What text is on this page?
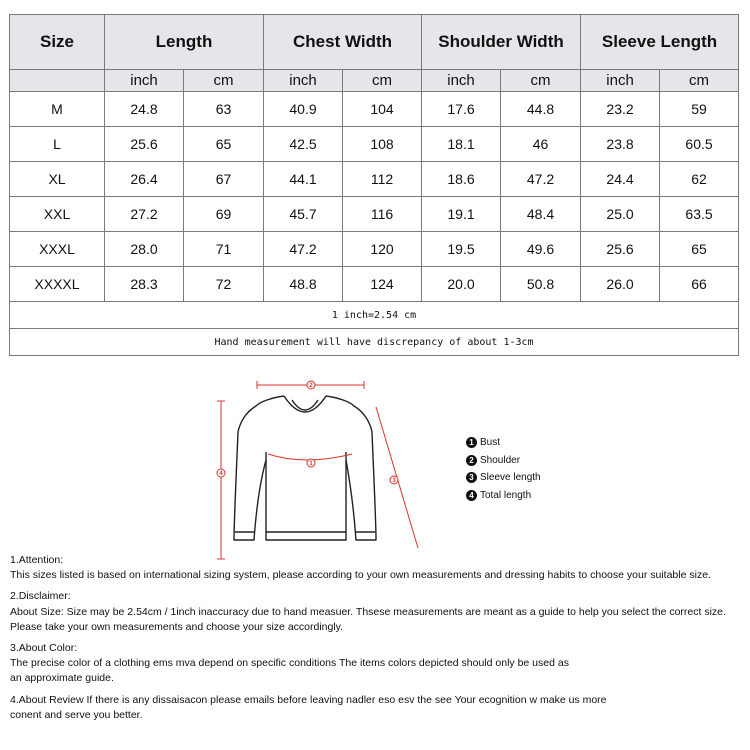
Size	Length		Chest Width		Shoulder Width		Sleeve Length	
	inch	cm	inch	cm	inch	cm	inch	cm
M	24.8	63	40.9	104	17.6	44.8	23.2	59
L	25.6	65	42.5	108	18.1	46	23.8	60.5
XL	26.4	67	44.1	112	18.6	47.2	24.4	62
XXL	27.2	69	45.7	116	19.1	48.4	25.0	63.5
XXXL	28.0	71	47.2	120	19.5	49.6	25.6	65
XXXXL	28.3	72	48.8	124	20.0	50.8	26.0	66
1 inch=2.54 cm								
Hand measurement will have discrepancy of about 1-3cm								
1
2
3
4
1 Bust
2 Shoulder
3 Sleeve length
4 Total length

1.Attention:

This sizes listed is based on international sizing system, please according to your own measurements and dressing habits to choose your suitable size.

2.Disclaimer:

About Size: Size may be 2.54cm / 1inch inaccuracy due to hand measuer. Thsese measurements are meant as a guide to help you select the correct size.

Please take your own measurements and choose your size accordingly.

3.About Color:

The precise color of a clothing ems mva depend on specific conditions The items colors depicted should only be used as

an approximate guide.

4.About Review If there is any dissaisacon please emails before leaving nadler eso esv the see Your ecognition w make us more

conent and serve you better.
